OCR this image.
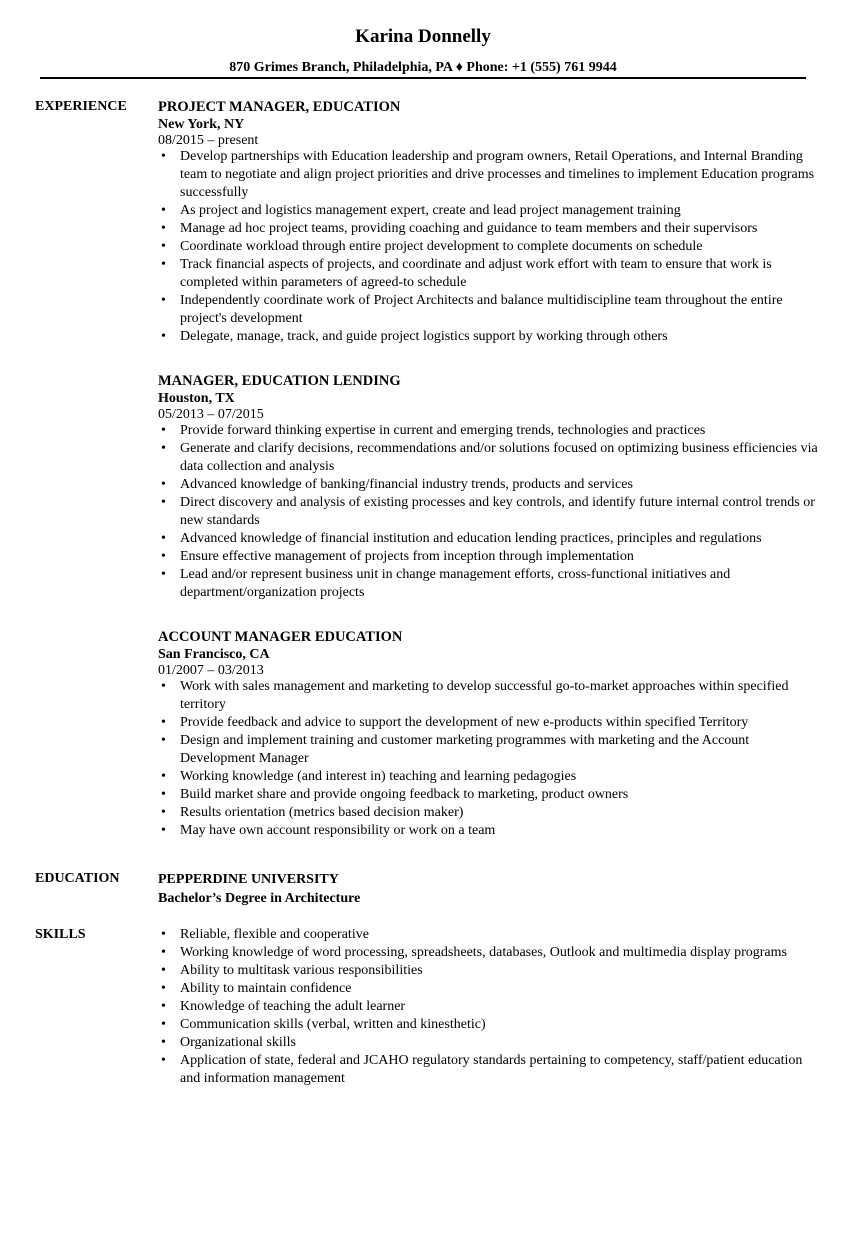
Karina Donnelly
870 Grimes Branch, Philadelphia, PA ♦ Phone: +1 (555) 761 9944
EXPERIENCE PROJECT MANAGER, EDUCATION
New York, NY
08/2015 – present
• Develop partnerships with Education leadership and program owners, Retail Operations, and Internal Branding team to negotiate and align project priorities and drive processes and timelines to implement Education programs successfully
• As project and logistics management expert, create and lead project management training
• Manage ad hoc project teams, providing coaching and guidance to team members and their supervisors
• Coordinate workload through entire project development to complete documents on schedule
• Track financial aspects of projects, and coordinate and adjust work effort with team to ensure that work is completed within parameters of agreed-to schedule
• Independently coordinate work of Project Architects and balance multidiscipline team throughout the entire project's development
• Delegate, manage, track, and guide project logistics support by working through others
MANAGER, EDUCATION LENDING
Houston, TX
05/2013 – 07/2015
• Provide forward thinking expertise in current and emerging trends, technologies and practices
• Generate and clarify decisions, recommendations and/or solutions focused on optimizing business efficiencies via data collection and analysis
• Advanced knowledge of banking/financial industry trends, products and services
• Direct discovery and analysis of existing processes and key controls, and identify future internal control trends or new standards
• Advanced knowledge of financial institution and education lending practices, principles and regulations
• Ensure effective management of projects from inception through implementation
• Lead and/or represent business unit in change management efforts, cross-functional initiatives and department/organization projects
ACCOUNT MANAGER EDUCATION
San Francisco, CA
01/2007 – 03/2013
• Work with sales management and marketing to develop successful go-to-market approaches within specified territory
• Provide feedback and advice to support the development of new e-products within specified Territory
• Design and implement training and customer marketing programmes with marketing and the Account Development Manager
• Working knowledge (and interest in) teaching and learning pedagogies
• Build market share and provide ongoing feedback to marketing, product owners
• Results orientation (metrics based decision maker)
• May have own account responsibility or work on a team
EDUCATION	PEPPERDINE UNIVERSITY
Bachelor’s Degree in Architecture
SKILLS
•	Reliable, flexible and cooperative
• Working knowledge of word processing, spreadsheets, databases, Outlook and multimedia display programs
• Ability to multitask various responsibilities
• Ability to maintain confidence
• Knowledge of teaching the adult learner
• Communication skills (verbal, written and kinesthetic)
• Organizational skills
• Application of state, federal and JCAHO regulatory standards pertaining to competency, staff/patient education and information management
